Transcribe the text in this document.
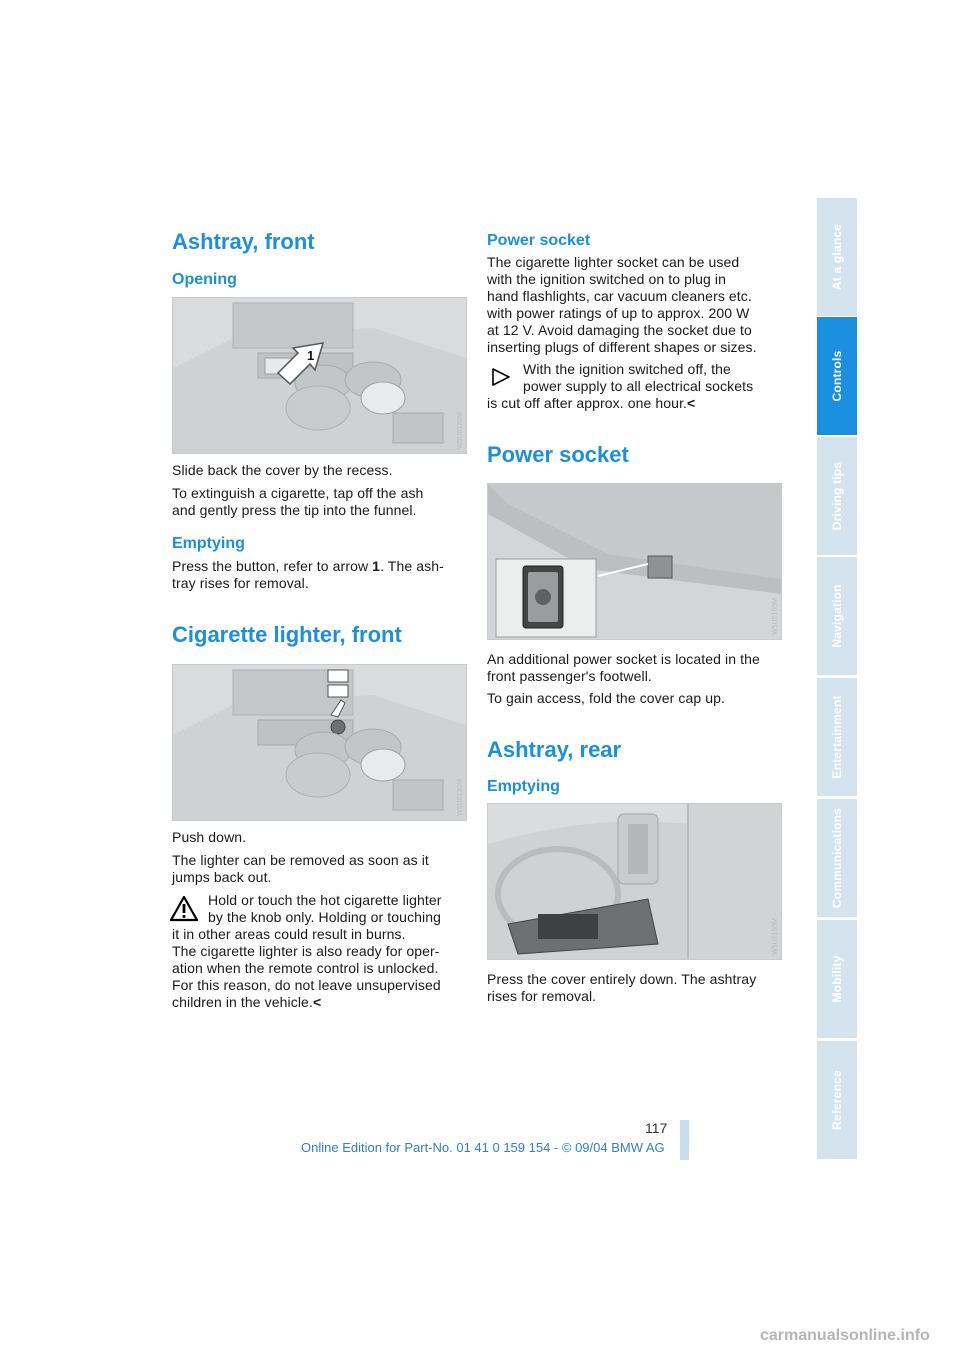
Ashtray, front
Opening
1
W5U0120M

Slide back the cover by the recess.

To extinguish a cigarette, tap off the ash

and gently press the tip into the funnel.

Emptying

Press the button, refer to arrow 1. The ash-

tray rises for removal.

Cigarette lighter, front
W5U0130M

Push down.

The lighter can be removed as soon as it

jumps back out.

Hold or touch the hot cigarette lighter

by the knob only. Holding or touching

it in other areas could result in burns.

The cigarette lighter is also ready for oper-

ation when the remote control is unlocked.

For this reason, do not leave unsupervised

children in the vehicle.<

Power socket

The cigarette lighter socket can be used

with the ignition switched on to plug in

hand flashlights, car vacuum cleaners etc.

with power ratings of up to approx. 200 W

at 12 V. Avoid damaging the socket due to

inserting plugs of different shapes or sizes.

With the ignition switched off, the

power supply to all electrical sockets

is cut off after approx. one hour.<

Power socket
W5U0160M

An additional power socket is located in the

front passenger's footwell.

To gain access, fold the cover cap up.

Ashtray, rear
Emptying
W5U0150M

Press the cover entirely down. The ashtray

rises for removal.

At a glance
Controls
Driving tips
Navigation
Entertainment
Communications
Mobility
Reference
117
Online Edition for Part-No. 01 41 0 159 154 - © 09/04 BMW AG
carmanualsonline.info
